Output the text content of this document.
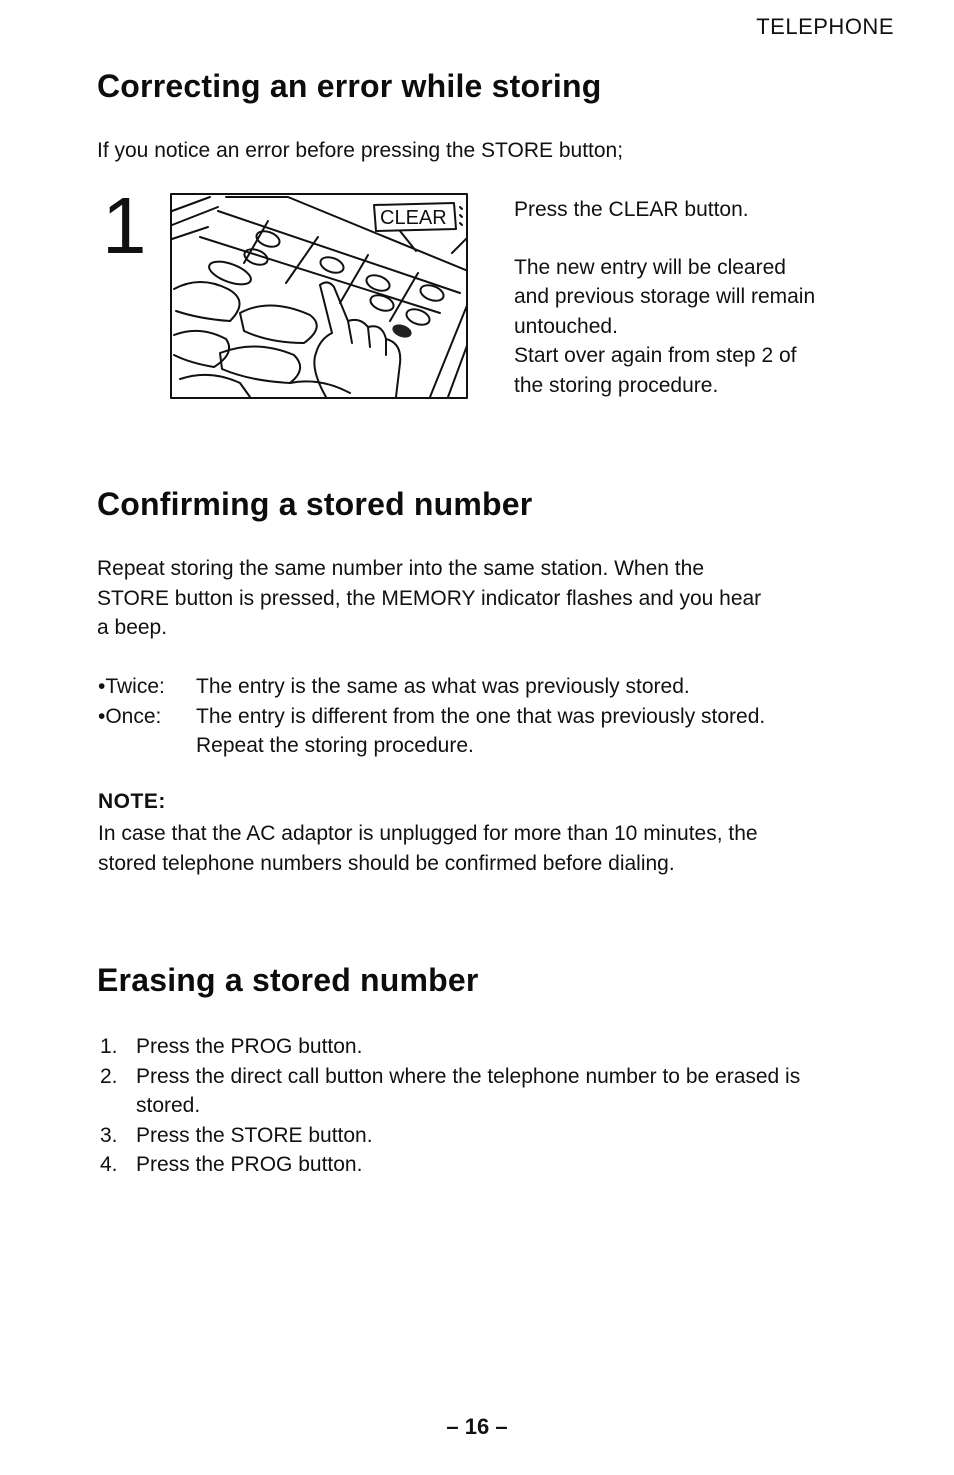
TELEPHONE
Correcting an error while storing
If you notice an error before pressing the STORE button;
1	CLEAR	Press the CLEAR button.

The new entry will be cleared

and previous storage will remain

untouched.

Start over again from step 2 of

the storing procedure.

Confirming a stored number
Repeat storing the same number into the same station. When the
STORE button is pressed, the MEMORY indicator flashes and you hear
a beep.
•Twice:	The entry is the same as what was previously stored.
•Once:	The entry is different from the one that was previously stored.
Repeat the storing procedure.
NOTE:
In case that the AC adaptor is unplugged for more than 10 minutes, the
stored telephone numbers should be confirmed before dialing.
Erasing a stored number
1. Press the PROG button.
2. Press the direct call button where the telephone number to be erased is
stored.
3. Press the STORE button.
4. Press the PROG button.
– 16 –
